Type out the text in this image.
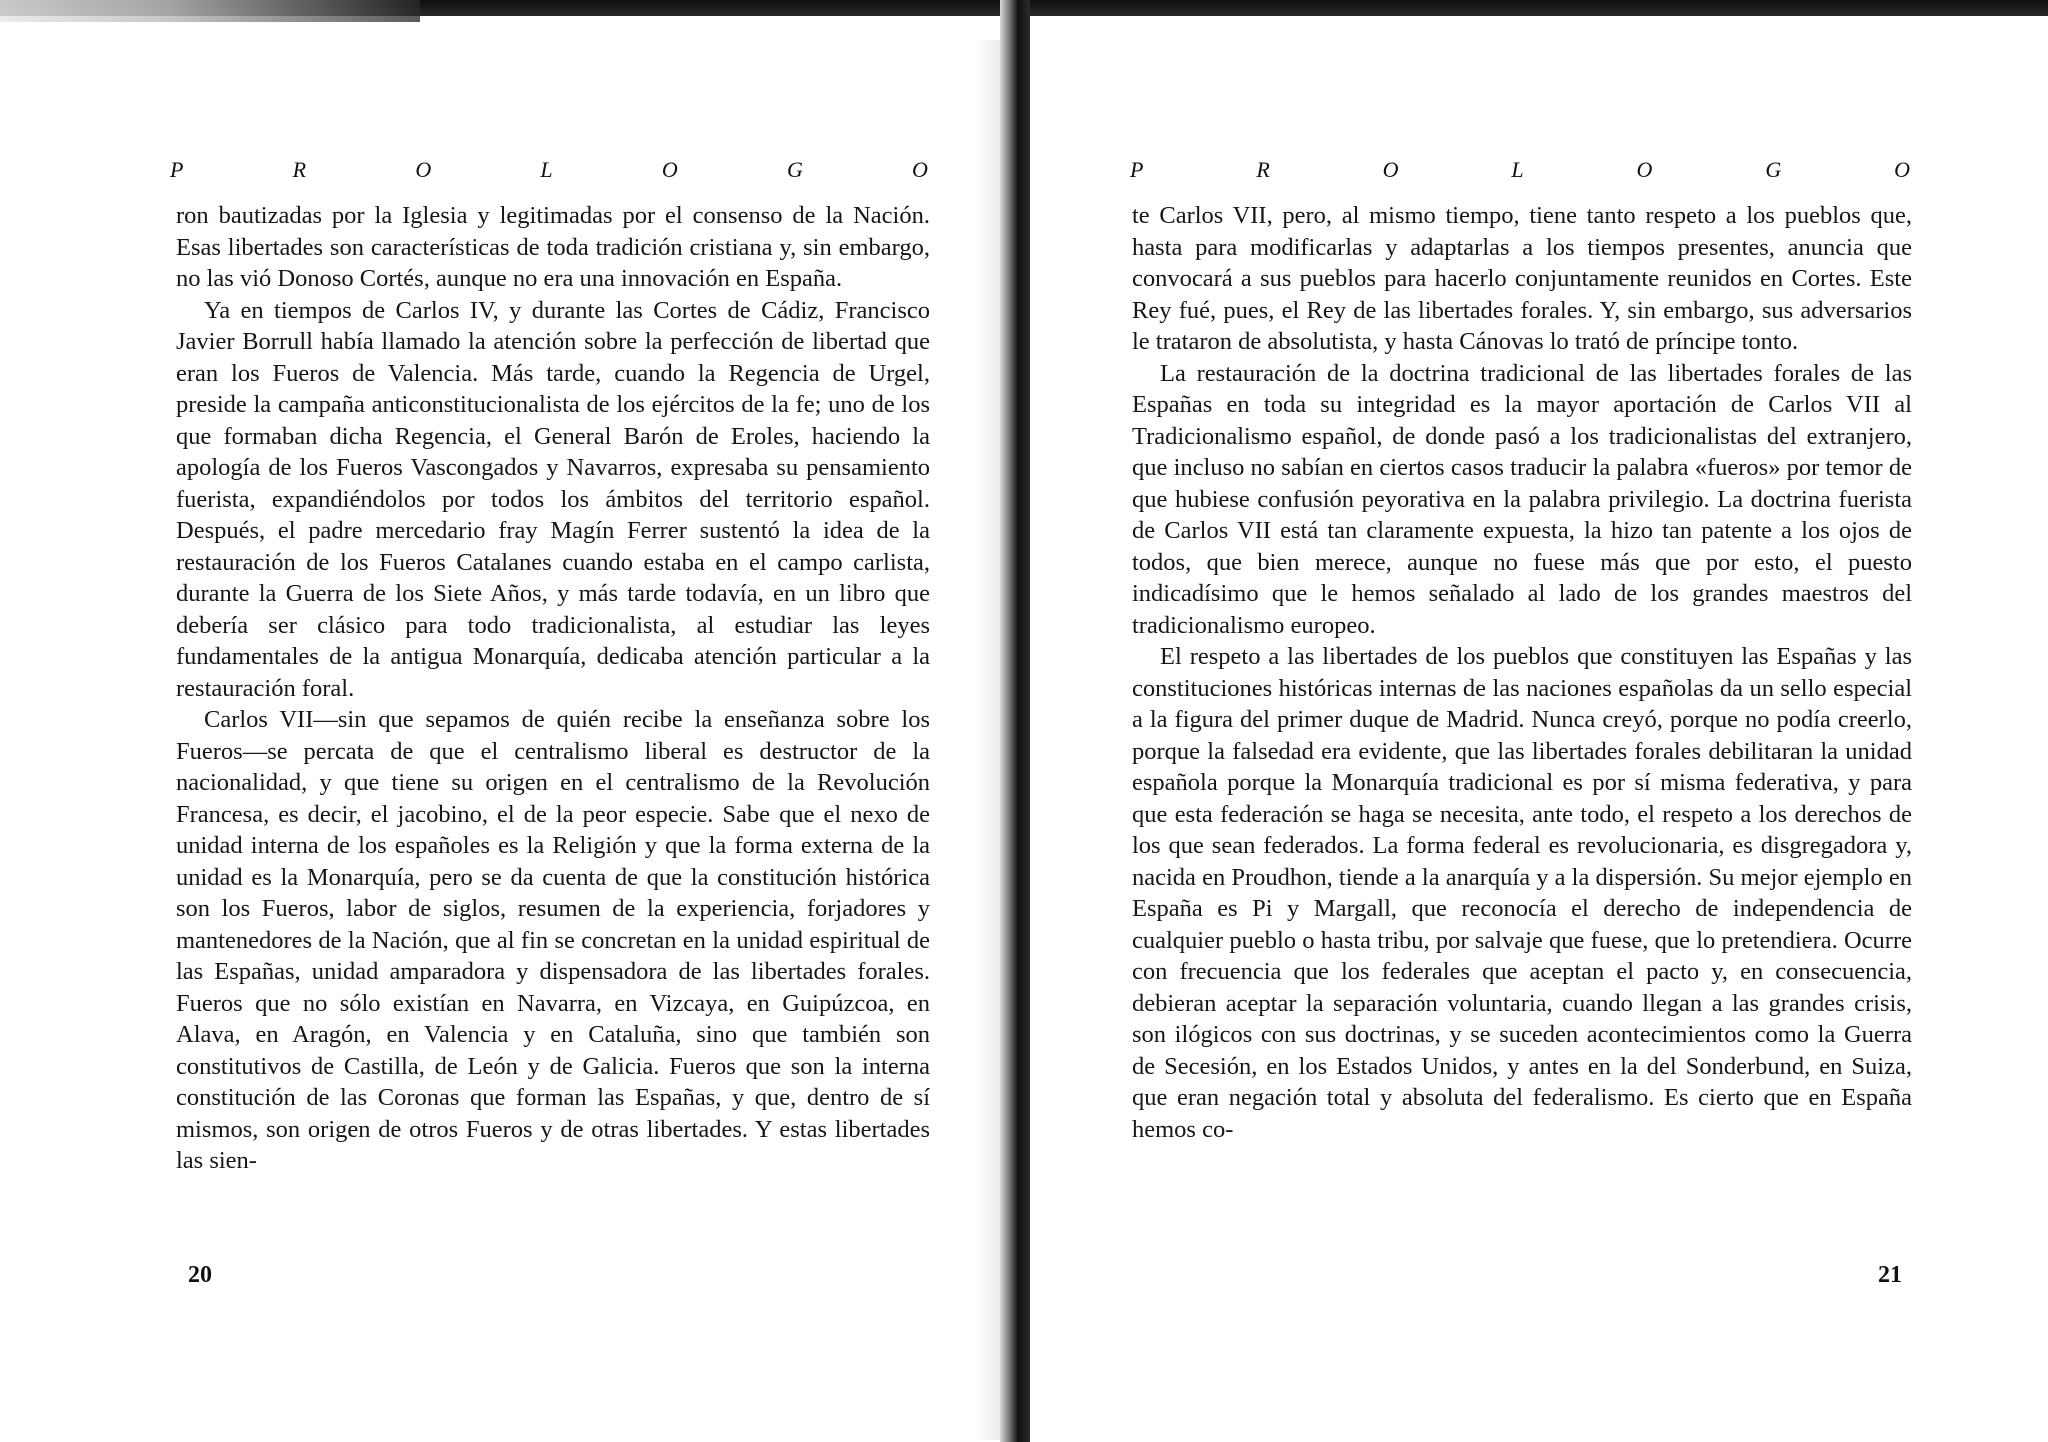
P	R	O	L	O	G	O

ron bautizadas por la Iglesia y legitimadas por el consenso de la Nación. Esas libertades son características de toda tradición cristiana y, sin embargo, no las vió Donoso Cortés, aunque no era una innovación en España.

Ya en tiempos de Carlos IV, y durante las Cortes de Cádiz, Francisco Javier Borrull había llamado la atención sobre la perfección de libertad que eran los Fueros de Valencia. Más tarde, cuando la Regencia de Urgel, preside la campaña anticonstitucionalista de los ejércitos de la fe; uno de los que formaban dicha Regencia, el General Barón de Eroles, haciendo la apología de los Fueros Vascongados y Navarros, expresaba su pensamiento fuerista, expandiéndolos por todos los ámbitos del territorio español. Después, el padre mercedario fray Magín Ferrer sustentó la idea de la restauración de los Fueros Catalanes cuando estaba en el campo carlista, durante la Guerra de los Siete Años, y más tarde todavía, en un libro que debería ser clásico para todo tradicionalista, al estudiar las leyes fundamentales de la antigua Monarquía, dedicaba atención particular a la restauración foral.

Carlos VII—sin que sepamos de quién recibe la enseñanza sobre los Fueros—se percata de que el centralismo liberal es destructor de la nacionalidad, y que tiene su origen en el centralismo de la Revolución Francesa, es decir, el jacobino, el de la peor especie. Sabe que el nexo de unidad interna de los españoles es la Religión y que la forma externa de la unidad es la Monarquía, pero se da cuenta de que la constitución histórica son los Fueros, labor de siglos, resumen de la experiencia, forjadores y mantenedores de la Nación, que al fin se concretan en la unidad espiritual de las Españas, unidad amparadora y dispensadora de las libertades forales. Fueros que no sólo existían en Navarra, en Vizcaya, en Guipúzcoa, en Alava, en Aragón, en Valencia y en Cataluña, sino que también son constitutivos de Castilla, de León y de Galicia. Fueros que son la interna constitución de las Coronas que forman las Españas, y que, dentro de sí mismos, son origen de otros Fueros y de otras libertades. Y estas libertades las sien-

20
P	R	O	L	O	G	O

te Carlos VII, pero, al mismo tiempo, tiene tanto respeto a los pueblos que, hasta para modificarlas y adaptarlas a los tiempos presentes, anuncia que convocará a sus pueblos para hacerlo conjuntamente reunidos en Cortes. Este Rey fué, pues, el Rey de las libertades forales. Y, sin embargo, sus adversarios le trataron de absolutista, y hasta Cánovas lo trató de príncipe tonto.

La restauración de la doctrina tradicional de las libertades forales de las Españas en toda su integridad es la mayor aportación de Carlos VII al Tradicionalismo español, de donde pasó a los tradicionalistas del extranjero, que incluso no sabían en ciertos casos traducir la palabra «fueros» por temor de que hubiese confusión peyorativa en la palabra privilegio. La doctrina fuerista de Carlos VII está tan claramente expuesta, la hizo tan patente a los ojos de todos, que bien merece, aunque no fuese más que por esto, el puesto indicadísimo que le hemos señalado al lado de los grandes maestros del tradicionalismo europeo.

El respeto a las libertades de los pueblos que constituyen las Españas y las constituciones históricas internas de las naciones españolas da un sello especial a la figura del primer duque de Madrid. Nunca creyó, porque no podía creerlo, porque la falsedad era evidente, que las libertades forales debilitaran la unidad española porque la Monarquía tradicional es por sí misma federativa, y para que esta federación se haga se necesita, ante todo, el respeto a los derechos de los que sean federados. La forma federal es revolucionaria, es disgregadora y, nacida en Proudhon, tiende a la anarquía y a la dispersión. Su mejor ejemplo en España es Pi y Margall, que reconocía el derecho de independencia de cualquier pueblo o hasta tribu, por salvaje que fuese, que lo pretendiera. Ocurre con frecuencia que los federales que aceptan el pacto y, en consecuencia, debieran aceptar la separación voluntaria, cuando llegan a las grandes crisis, son ilógicos con sus doctrinas, y se suceden acontecimientos como la Guerra de Secesión, en los Estados Unidos, y antes en la del Sonderbund, en Suiza, que eran negación total y absoluta del federalismo. Es cierto que en España hemos co-

21
